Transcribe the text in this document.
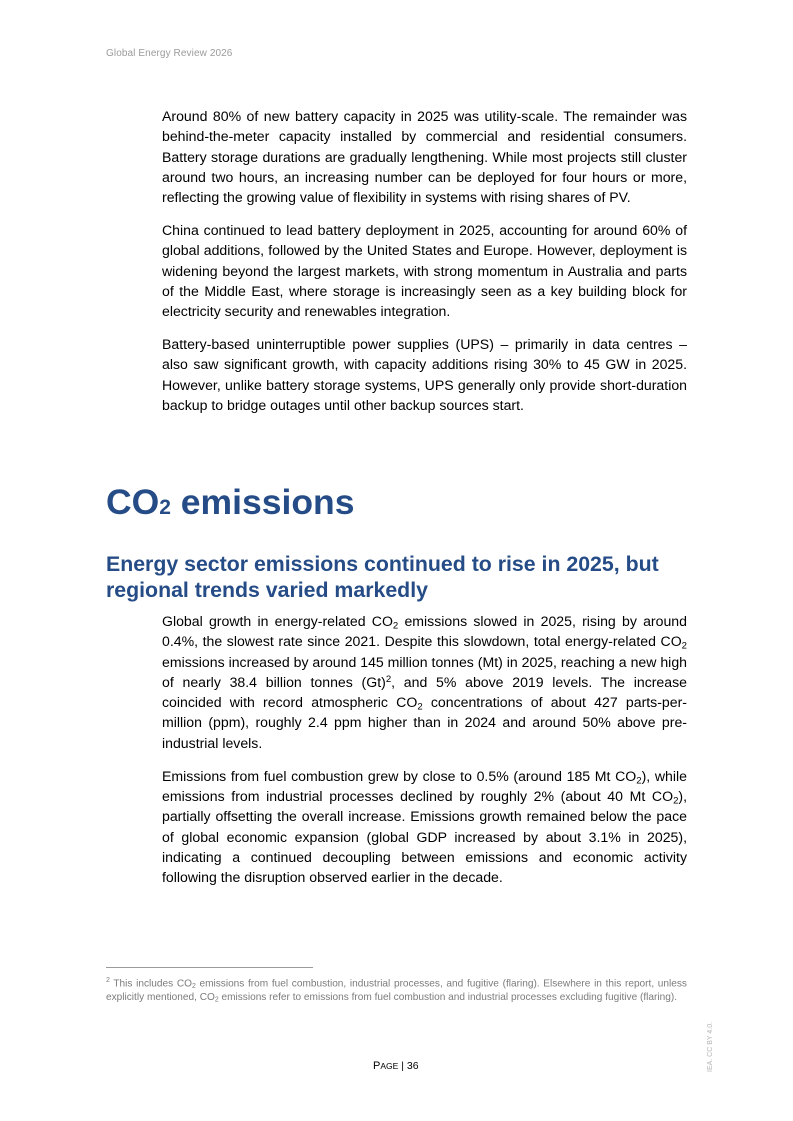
Global Energy Review 2026

Around 80% of new battery capacity in 2025 was utility-scale. The remainder was behind-the-meter capacity installed by commercial and residential consumers. Battery storage durations are gradually lengthening. While most projects still cluster around two hours, an increasing number can be deployed for four hours or more, reflecting the growing value of flexibility in systems with rising shares of PV.

China continued to lead battery deployment in 2025, accounting for around 60% of global additions, followed by the United States and Europe. However, deployment is widening beyond the largest markets, with strong momentum in Australia and parts of the Middle East, where storage is increasingly seen as a key building block for electricity security and renewables integration.

Battery-based uninterruptible power supplies (UPS) – primarily in data centres – also saw significant growth, with capacity additions rising 30% to 45 GW in 2025. However, unlike battery storage systems, UPS generally only provide short-duration backup to bridge outages until other backup sources start.

CO2 emissions
Energy sector emissions continued to rise in 2025, but regional trends varied markedly

Global growth in energy-related $CO_2$ emissions slowed in 2025, rising by around 0.4%, the slowest rate since 2021. Despite this slowdown, total energy-related $CO_2$ emissions increased by around 145 million tonnes (Mt) in 2025, reaching a new high of nearly 38.4 billion tonnes $(Gt)^2$, and 5% above 2019 levels. The increase coincided with record atmospheric $CO_2$ concentrations of about 427 parts-per-million (ppm), roughly 2.4 ppm higher than in 2024 and around 50% above pre-industrial levels.

Emissions from fuel combustion grew by close to 0.5% (around 185 Mt $CO_2$), while emissions from industrial processes declined by roughly 2% (about 40 Mt $CO_2$), partially offsetting the overall increase. Emissions growth remained below the pace of global economic expansion (global GDP increased by about 3.1% in 2025), indicating a continued decoupling between emissions and economic activity following the disruption observed earlier in the decade.

$^2$ This includes $CO_2$ emissions from fuel combustion, industrial processes, and fugitive (flaring). Elsewhere in this report, unless explicitly mentioned, $CO_2$ emissions refer to emissions from fuel combustion and industrial processes excluding fugitive (flaring).

PAGE | 36	IEA. CC BY 4.0.
